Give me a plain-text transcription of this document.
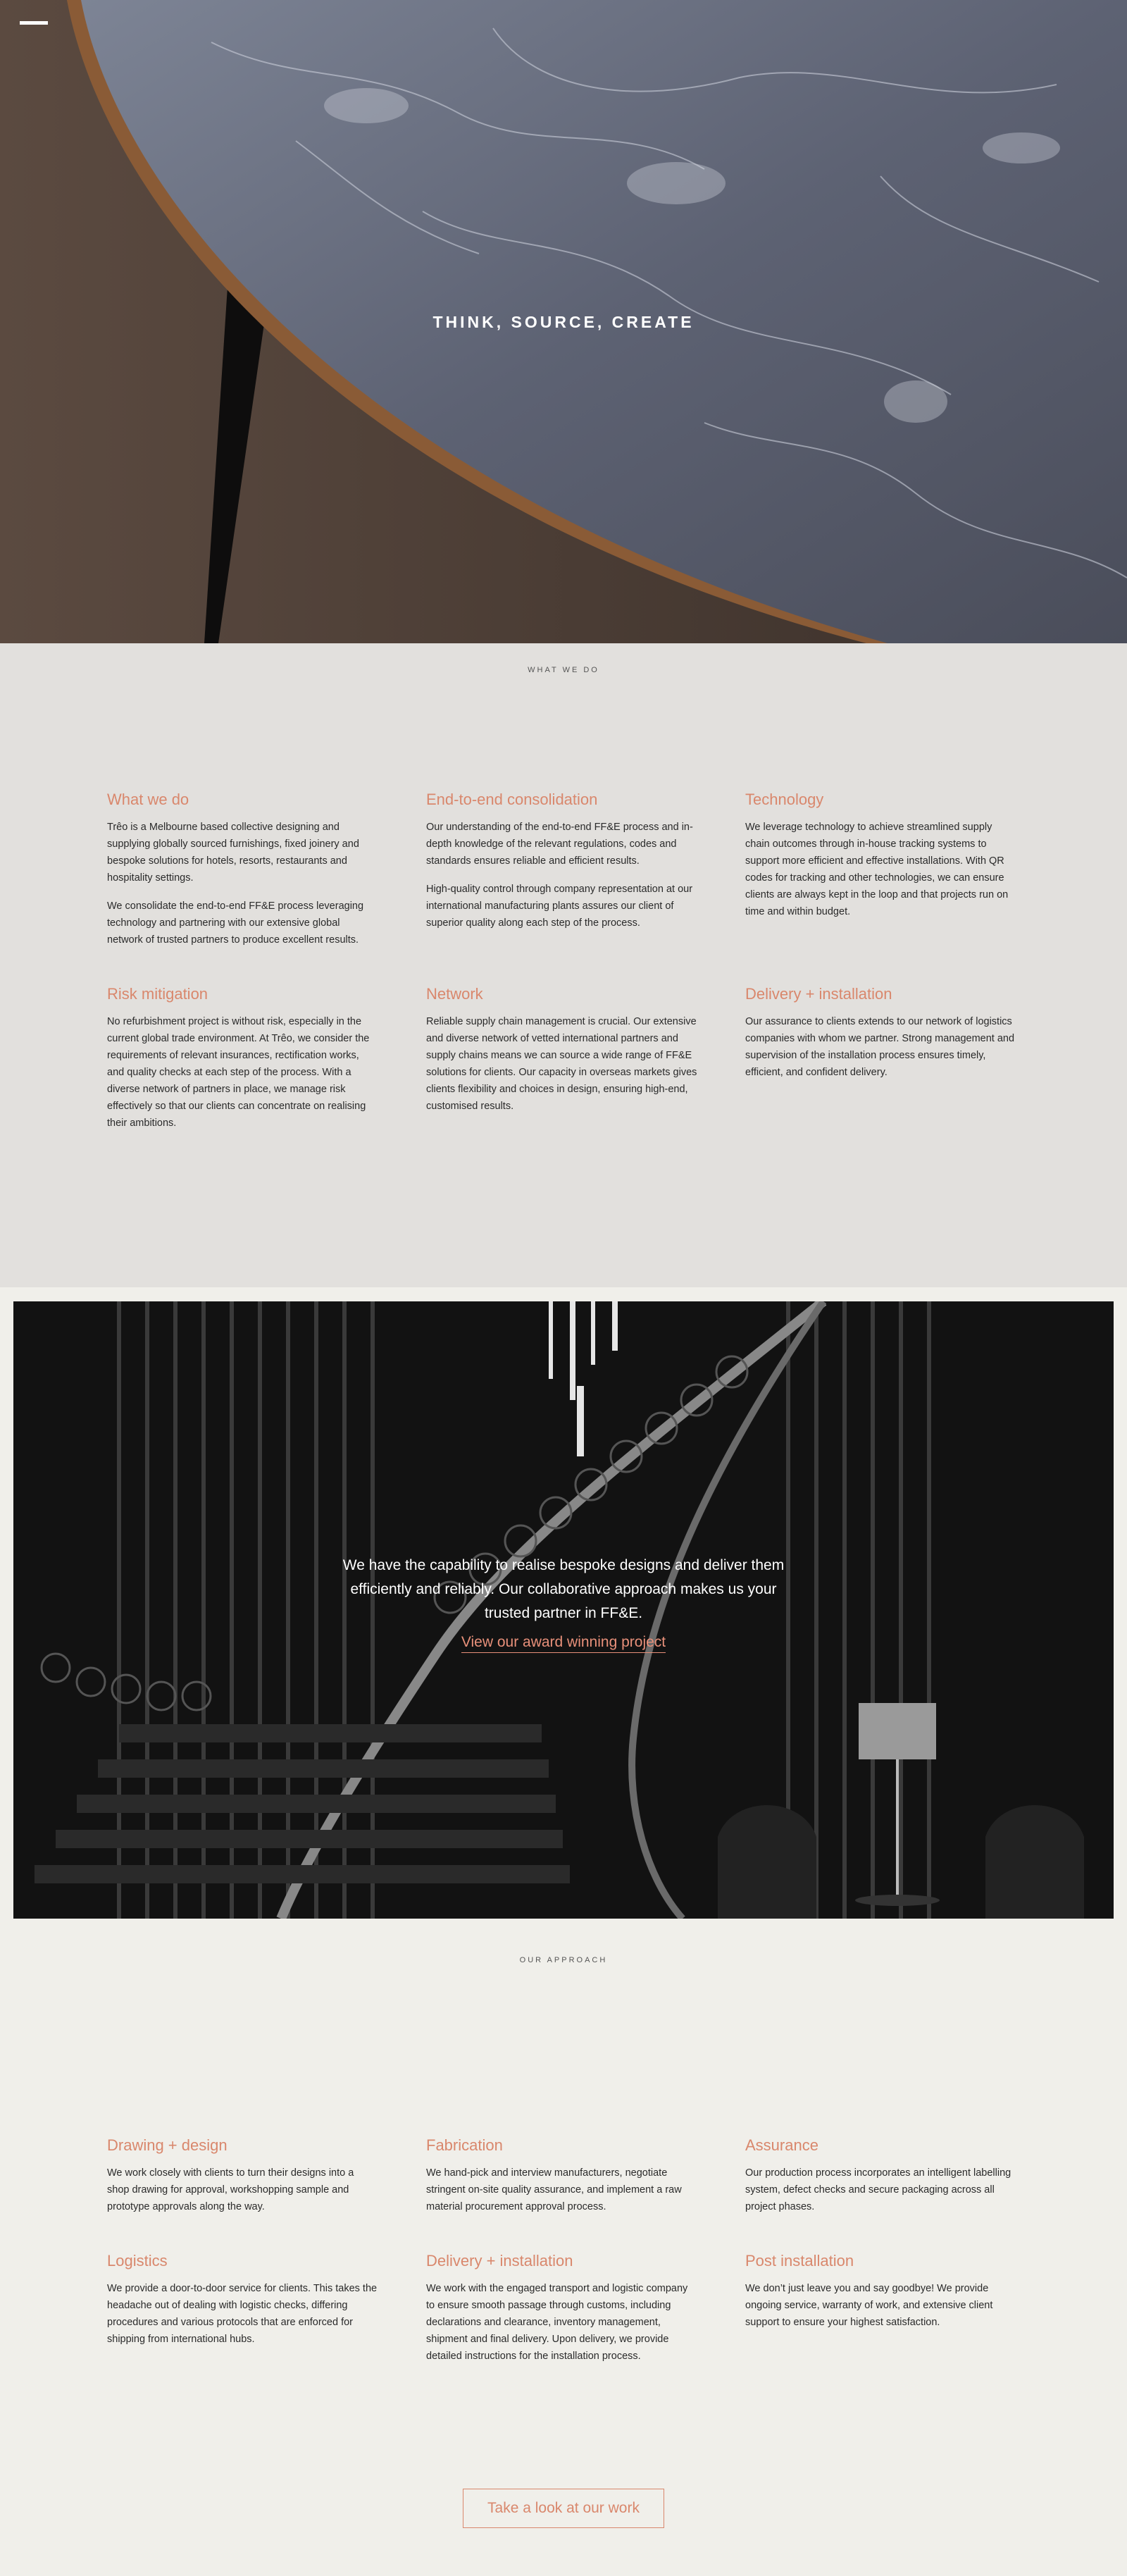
THINK, SOURCE, CREATE
WHAT WE DO
What we do

Trêo is a Melbourne based collective designing and supplying globally sourced furnishings, fixed joinery and bespoke solutions for hotels, resorts, restaurants and hospitality settings.

We consolidate the end-to-end FF&E process leveraging technology and partnering with our extensive global network of trusted partners to produce excellent results.

End-to-end consolidation

Our understanding of the end-to-end FF&E process and in-depth knowledge of the relevant regulations, codes and standards ensures reliable and efficient results.

High-quality control through company representation at our international manufacturing plants assures our client of superior quality along each step of the process.

Technology

We leverage technology to achieve streamlined supply chain outcomes through in-house tracking systems to support more efficient and effective installations. With QR codes for tracking and other technologies, we can ensure clients are always kept in the loop and that projects run on time and within budget.

Risk mitigation

No refurbishment project is without risk, especially in the current global trade environment. At Trêo, we consider the requirements of relevant insurances, rectification works, and quality checks at each step of the process. With a diverse network of partners in place, we manage risk effectively so that our clients can concentrate on realising their ambitions.

Network

Reliable supply chain management is crucial. Our extensive and diverse network of vetted international partners and supply chains means we can source a wide range of FF&E solutions for clients. Our capacity in overseas markets gives clients flexibility and choices in design, ensuring high-end, customised results.

Delivery + installation

Our assurance to clients extends to our network of logistics companies with whom we partner. Strong management and supervision of the installation process ensures timely, efficient, and confident delivery.

We have the capability to realise bespoke designs and deliver them efficiently and reliably. Our collaborative approach makes us your trusted partner in FF&E.

View our award winning project
OUR APPROACH
Drawing + design

We work closely with clients to turn their designs into a shop drawing for approval, workshopping sample and prototype approvals along the way.

Fabrication

We hand-pick and interview manufacturers, negotiate stringent on-site quality assurance, and implement a raw material procurement approval process.

Assurance

Our production process incorporates an intelligent labelling system, defect checks and secure packaging across all project phases.

Logistics

We provide a door-to-door service for clients. This takes the headache out of dealing with logistic checks, differing procedures and various protocols that are enforced for shipping from international hubs.

Delivery + installation

We work with the engaged transport and logistic company to ensure smooth passage through customs, including declarations and clearance, inventory management, shipment and final delivery. Upon delivery, we provide detailed instructions for the installation process.

Post installation

We don’t just leave you and say goodbye! We provide ongoing service, warranty of work, and extensive client support to ensure your highest satisfaction.

Take a look at our work
